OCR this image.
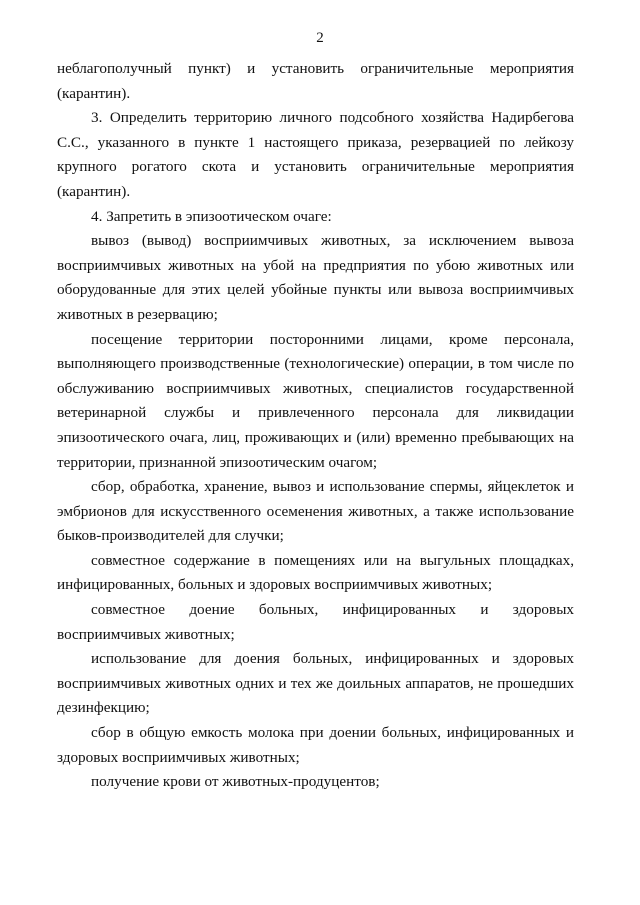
2

неблагополучный пункт) и установить ограничительные мероприятия (карантин).

3. Определить территорию личного подсобного хозяйства Надирбегова С.С., указанного в пункте 1 настоящего приказа, резервацией по лейкозу крупного рогатого скота и установить ограничительные мероприятия (карантин).

4. Запретить в эпизоотическом очаге:

вывоз (вывод) восприимчивых животных, за исключением вывоза восприимчивых животных на убой на предприятия по убою животных или оборудованные для этих целей убойные пункты или вывоза восприимчивых животных в резервацию;

посещение территории посторонними лицами, кроме персонала, выполняющего производственные (технологические) операции, в том числе по обслуживанию восприимчивых животных, специалистов государственной ветеринарной службы и привлеченного персонала для ликвидации эпизоотического очага, лиц, проживающих и (или) временно пребывающих на территории, признанной эпизоотическим очагом;

сбор, обработка, хранение, вывоз и использование спермы, яйцеклеток и эмбрионов для искусственного осеменения животных, а также использование быков-производителей для случки;

совместное содержание в помещениях или на выгульных площадках, инфицированных, больных и здоровых восприимчивых животных;

совместное доение больных, инфицированных и здоровых восприимчивых животных;

использование для доения больных, инфицированных и здоровых восприимчивых животных одних и тех же доильных аппаратов, не прошедших дезинфекцию;

сбор в общую емкость молока при доении больных, инфицированных и здоровых восприимчивых животных;

получение крови от животных-продуцентов;
